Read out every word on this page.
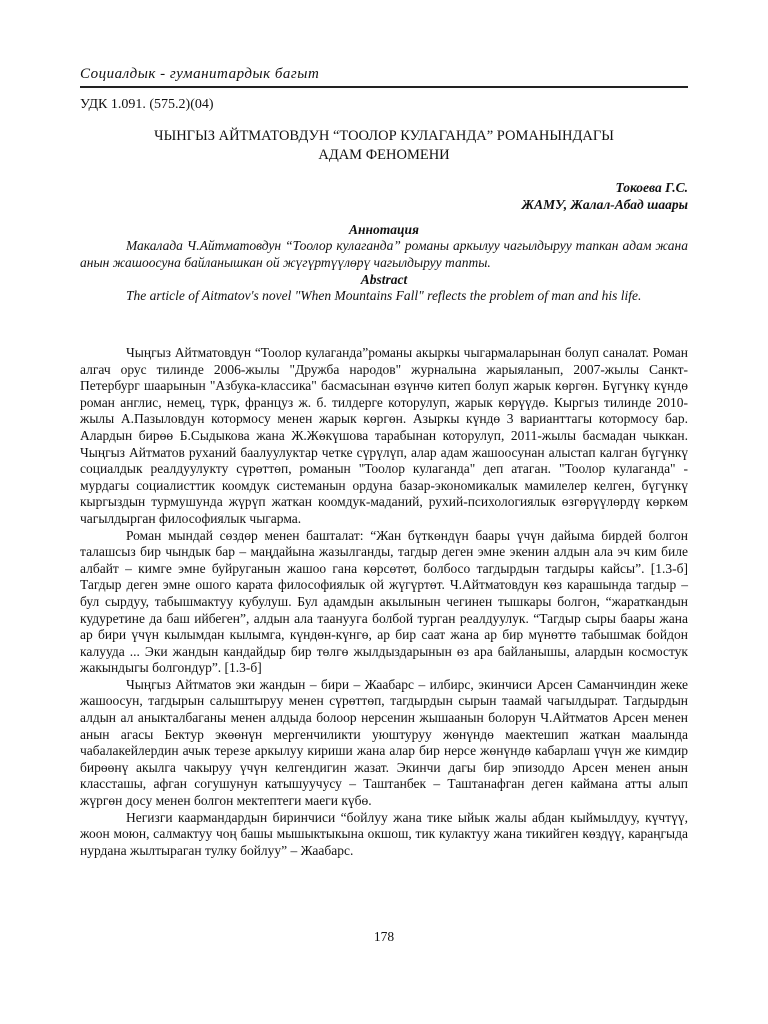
Социалдык - гуманитардык багыт
УДК 1.091. (575.2)(04)
ЧЫНГЫЗ АЙТМАТОВДУН “ТООЛОР КУЛАГАНДА” РОМАНЫНДАГЫ
АДАМ ФЕНОМЕНИ
Токоева Г.С.
ЖАМУ, Жалал-Абад шаары
Аннотация

Макалада Ч.Айтматовдун “Тоолор кулаганда” романы аркылуу чагылдыруу тапкан адам жана анын жашоосуна байланышкан ой жүгүртүүлөрү чагылдыруу тапты.

Abstract

The article of Aitmatov's novel "When Mountains Fall" reflects the problem of man and his life.

Чыңгыз Айтматовдун “Тоолор кулаганда”романы акыркы чыгармаларынан болуп саналат. Роман алгач орус тилинде 2006-жылы "Дружба народов" журналына жарыяланып, 2007-жылы Санкт-Петербург шаарынын "Азбука-классика" басмасынан өзүнчө китеп болуп жарык көргөн. Бүгүнкү күндө роман англис, немец, түрк, француз ж. б. тилдерге которулуп, жарык көрүүдө. Кыргыз тилинде 2010-жылы А.Пазыловдун котормосу менен жарык көргөн. Азыркы күндө 3 варианттагы котормосу бар. Алардын бирөө Б.Сыдыкова жана Ж.Жөкүшова тарабынан которулуп, 2011-жылы басмадан чыккан. Чыңгыз Айтматов руханий баалуулуктар четке сүрүлүп, алар адам жашоосунан алыстап калган бүгүнкү социалдык реалдуулукту сүрөттөп, романын "Тоолор кулаганда" деп атаган. "Тоолор кулаганда" - мурдагы социалисттик коомдук системанын ордуна базар-экономикалык мамилелер келген, бүгүнкү кыргыздын турмушунда жүрүп жаткан коомдук-маданий, рухий-психологиялык өзгөрүүлөрдү көркөм чагылдырган философиялык чыгарма.

Роман мындай сөздөр менен башталат: “Жан бүткөндүн баары үчүн дайыма бирдей болгон талашсыз бир чындык бар – маңдайына жазылганды, тагдыр деген эмне экенин алдын ала эч ким биле албайт – кимге эмне буйруганын жашоо гана көрсөтөт, болбосо тагдырдын тагдыры кайсы”. [1.3-б] Тагдыр деген эмне ошого карата философиялык ой жүгүртөт. Ч.Айтматовдун көз карашында тагдыр – бул сырдуу, табышмактуу кубулуш. Бул адамдын акылынын чегинен тышкары болгон, “жараткандын кудуретине да баш ийбеген”, алдын ала таанууга болбой турган реалдуулук. “Тагдыр сыры баары жана ар бири үчүн кылымдан кылымга, күндөн-күнгө, ар бир саат жана ар бир мүнөттө табышмак бойдон калууда ... Эки жандын кандайдыр бир төлгө жылдыздарынын өз ара байланышы, алардын космостук жакындыгы болгондур”. [1.3-б]

Чыңгыз Айтматов эки жандын – бири – Жаабарс – илбирс, экинчиси Арсен Саманчиндин жеке жашоосун, тагдырын салыштыруу менен сүрөттөп, тагдырдын сырын таамай чагылдырат. Тагдырдын алдын ал аныкталбаганы менен алдыда болоор нерсенин жышаанын болорун Ч.Айтматов Арсен менен анын агасы Бектур экөөнүн мергенчиликти уюштуруу жөнүндө маектешип жаткан маалында чабалакейлердин ачык терезе аркылуу кириши жана алар бир нерсе жөнүндө кабарлаш үчүн же кимдир бирөөнү акылга чакыруу үчүн келгендигин жазат. Экинчи дагы бир эпизоддо Арсен менен анын классташы, афган согушунун катышуучусу – Таштанбек – Таштанафган деген каймана атты алып жүргөн досу менен болгон мектептеги маеги күбө.

Негизги каармандардын биринчиси “бойлуу жана тике ыйык жалы абдан кыймылдуу, күчтүү, жоон моюн, салмактуу чоң башы мышыктыкына окшош, тик кулактуу жана тикийген көздүү, караңгыда нурдана жылтыраган тулку бойлуу” – Жаабарс.

178
